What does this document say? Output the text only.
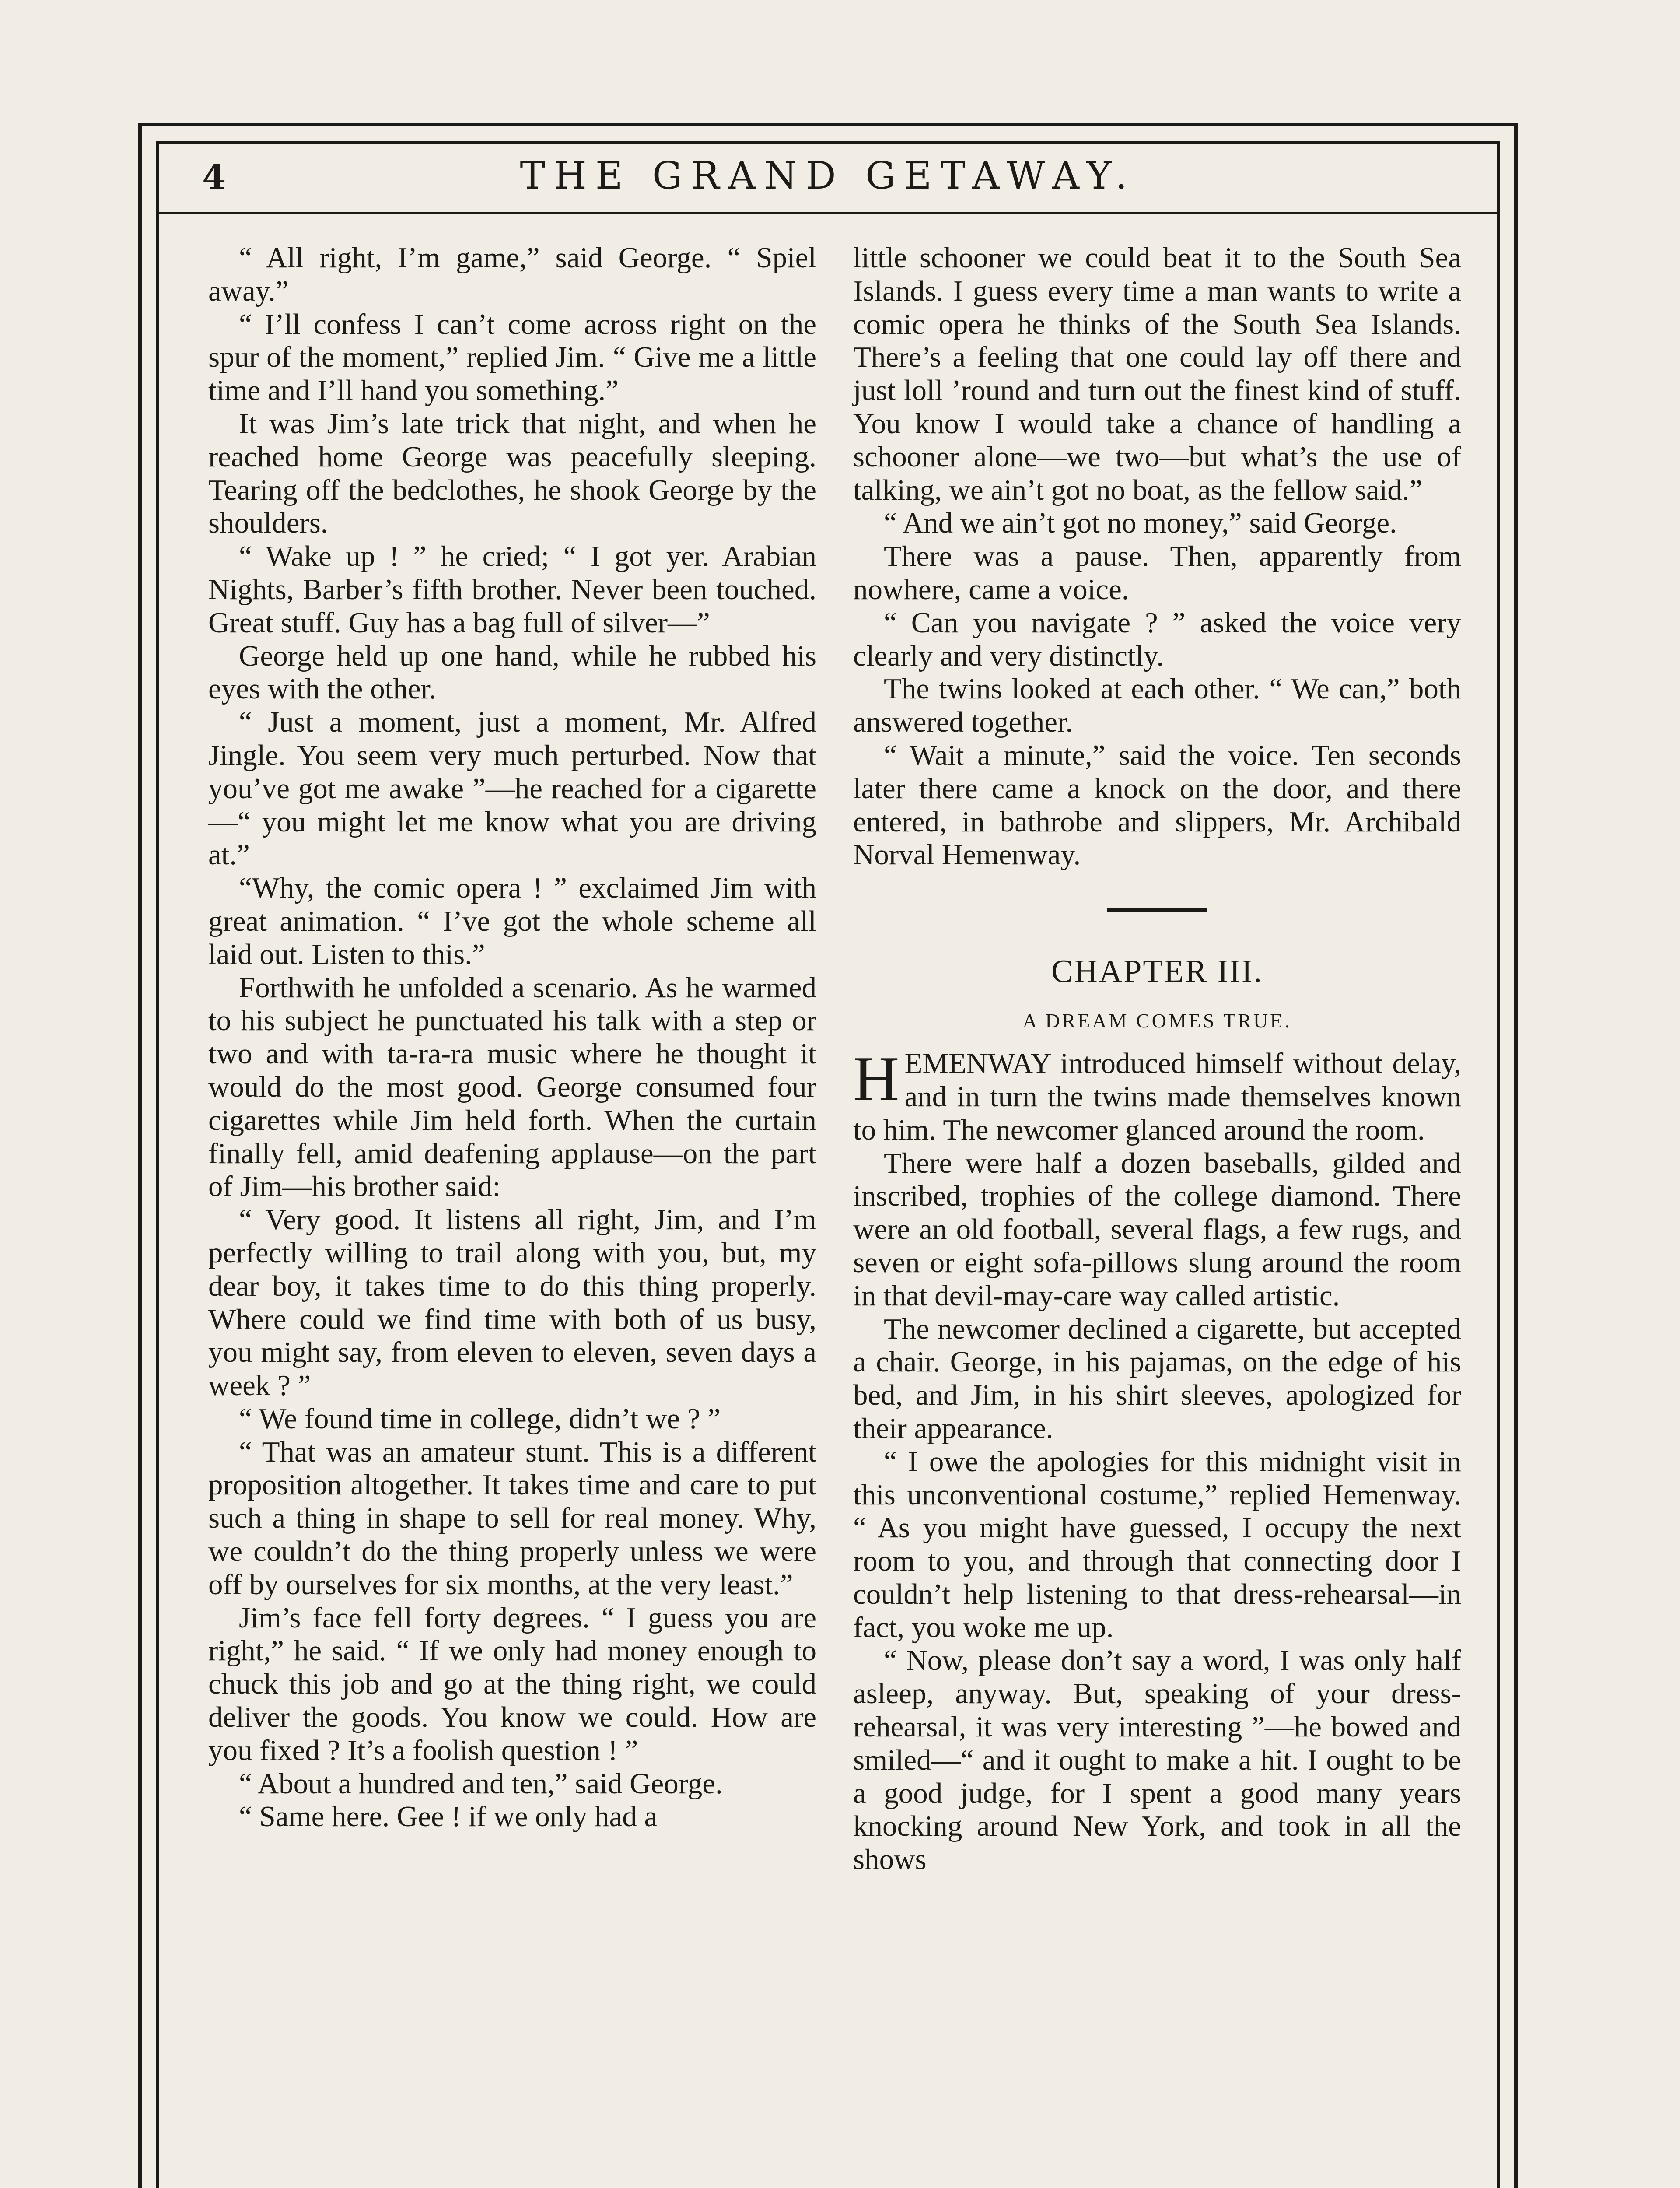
4	THE GRAND GETAWAY.

“ All right, I’m game,” said George. “ Spiel away.”

“ I’ll confess I can’t come across right on the spur of the moment,” replied Jim. “ Give me a little time and I’ll hand you something.”

It was Jim’s late trick that night, and when he reached home George was peacefully sleeping. Tearing off the bedclothes, he shook George by the shoulders.

“ Wake up ! ” he cried; “ I got yer. Arabian Nights, Barber’s fifth brother. Never been touched. Great stuff. Guy has a bag full of silver—”

George held up one hand, while he rubbed his eyes with the other.

“ Just a moment, just a moment, Mr. Alfred Jingle. You seem very much perturbed. Now that you’ve got me awake ”—he reached for a cigarette—“ you might let me know what you are driving at.”

“Why, the comic opera ! ” exclaimed Jim with great animation. “ I’ve got the whole scheme all laid out. Listen to this.”

Forthwith he unfolded a scenario. As he warmed to his subject he punctuated his talk with a step or two and with ta-ra-ra music where he thought it would do the most good. George consumed four cigarettes while Jim held forth. When the curtain finally fell, amid deafening applause—on the part of Jim—his brother said:

“ Very good. It listens all right, Jim, and I’m perfectly willing to trail along with you, but, my dear boy, it takes time to do this thing properly. Where could we find time with both of us busy, you might say, from eleven to eleven, seven days a week ? ”

“ We found time in college, didn’t we ? ”

“ That was an amateur stunt. This is a different proposition altogether. It takes time and care to put such a thing in shape to sell for real money. Why, we couldn’t do the thing properly unless we were off by ourselves for six months, at the very least.”

Jim’s face fell forty degrees. “ I guess you are right,” he said. “ If we only had money enough to chuck this job and go at the thing right, we could deliver the goods. You know we could. How are you fixed ? It’s a foolish question ! ”

“ About a hundred and ten,” said George.

“ Same here. Gee ! if we only had a

little schooner we could beat it to the South Sea Islands. I guess every time a man wants to write a comic opera he thinks of the South Sea Islands. There’s a feeling that one could lay off there and just loll ’round and turn out the finest kind of stuff. You know I would take a chance of handling a schooner alone—we two—but what’s the use of talking, we ain’t got no boat, as the fellow said.”

“ And we ain’t got no money,” said George.

There was a pause. Then, apparently from nowhere, came a voice.

“ Can you navigate ? ” asked the voice very clearly and very distinctly.

The twins looked at each other. “ We can,” both answered together.

“ Wait a minute,” said the voice. Ten seconds later there came a knock on the door, and there entered, in bathrobe and slippers, Mr. Archibald Norval Hemenway.

CHAPTER III.
A DREAM COMES TRUE.

HEMENWAY introduced himself without delay, and in turn the twins made themselves known to him. The newcomer glanced around the room.

There were half a dozen baseballs, gilded and inscribed, trophies of the college diamond. There were an old football, several flags, a few rugs, and seven or eight sofa-pillows slung around the room in that devil-may-care way called artistic.

The newcomer declined a cigarette, but accepted a chair. George, in his pajamas, on the edge of his bed, and Jim, in his shirt sleeves, apologized for their appearance.

“ I owe the apologies for this midnight visit in this unconventional costume,” replied Hemenway. “ As you might have guessed, I occupy the next room to you, and through that connecting door I couldn’t help listening to that dress-rehearsal—in fact, you woke me up.

“ Now, please don’t say a word, I was only half asleep, anyway. But, speaking of your dress-rehearsal, it was very interesting ”—he bowed and smiled—“ and it ought to make a hit. I ought to be a good judge, for I spent a good many years knocking around New York, and took in all the shows
